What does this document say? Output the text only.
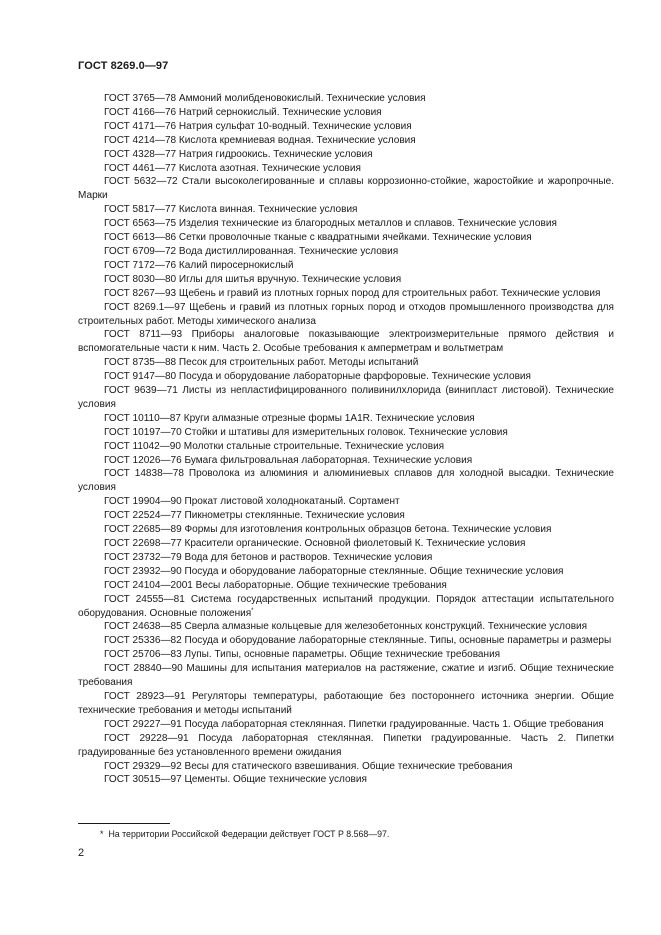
ГОСТ 8269.0—97
ГОСТ 3765—78 Аммоний молибденовокислый. Технические условия
ГОСТ 4166—76 Натрий сернокислый. Технические условия
ГОСТ 4171—76 Натрия сульфат 10-водный. Технические условия
ГОСТ 4214—78 Кислота кремниевая водная. Технические условия
ГОСТ 4328—77 Натрия гидроокись. Технические условия
ГОСТ 4461—77 Кислота азотная. Технические условия
ГОСТ 5632—72 Стали высоколегированные и сплавы коррозионно-стойкие, жаростойкие и жаропрочные. Марки
ГОСТ 5817—77 Кислота винная. Технические условия
ГОСТ 6563—75 Изделия технические из благородных металлов и сплавов. Технические условия
ГОСТ 6613—86 Сетки проволочные тканые с квадратными ячейками. Технические условия
ГОСТ 6709—72 Вода дистиллированная. Технические условия
ГОСТ 7172—76 Калий пиросернокислый
ГОСТ 8030—80 Иглы для шитья вручную. Технические условия
ГОСТ 8267—93 Щебень и гравий из плотных горных пород для строительных работ. Технические условия
ГОСТ 8269.1—97 Щебень и гравий из плотных горных пород и отходов промышленного производства для строительных работ. Методы химического анализа
ГОСТ 8711—93 Приборы аналоговые показывающие электроизмерительные прямого действия и вспомогательные части к ним. Часть 2. Особые требования к амперметрам и вольтметрам
ГОСТ 8735—88 Песок для строительных работ. Методы испытаний
ГОСТ 9147—80 Посуда и оборудование лабораторные фарфоровые. Технические условия
ГОСТ 9639—71 Листы из непластифицированного поливинилхлорида (винипласт листовой). Технические условия
ГОСТ 10110—87 Круги алмазные отрезные формы 1A1R. Технические условия
ГОСТ 10197—70 Стойки и штативы для измерительных головок. Технические условия
ГОСТ 11042—90 Молотки стальные строительные. Технические условия
ГОСТ 12026—76 Бумага фильтровальная лабораторная. Технические условия
ГОСТ 14838—78 Проволока из алюминия и алюминиевых сплавов для холодной высадки. Технические условия
ГОСТ 19904—90 Прокат листовой холоднокатаный. Сортамент
ГОСТ 22524—77 Пикнометры стеклянные. Технические условия
ГОСТ 22685—89 Формы для изготовления контрольных образцов бетона. Технические условия
ГОСТ 22698—77 Красители органические. Основной фиолетовый К. Технические условия
ГОСТ 23732—79 Вода для бетонов и растворов. Технические условия
ГОСТ 23932—90 Посуда и оборудование лабораторные стеклянные. Общие технические условия
ГОСТ 24104—2001 Весы лабораторные. Общие технические требования
ГОСТ 24555—81 Система государственных испытаний продукции. Порядок аттестации испытательного оборудования. Основные положения*
ГОСТ 24638—85 Сверла алмазные кольцевые для железобетонных конструкций. Технические условия
ГОСТ 25336—82 Посуда и оборудование лабораторные стеклянные. Типы, основные параметры и размеры
ГОСТ 25706—83 Лупы. Типы, основные параметры. Общие технические требования
ГОСТ 28840—90 Машины для испытания материалов на растяжение, сжатие и изгиб. Общие технические требования
ГОСТ 28923—91 Регуляторы температуры, работающие без постороннего источника энергии. Общие технические требования и методы испытаний
ГОСТ 29227—91 Посуда лабораторная стеклянная. Пипетки градуированные. Часть 1. Общие требования
ГОСТ 29228—91 Посуда лабораторная стеклянная. Пипетки градуированные. Часть 2. Пипетки градуированные без установленного времени ожидания
ГОСТ 29329—92 Весы для статического взвешивания. Общие технические требования
ГОСТ 30515—97 Цементы. Общие технические условия
* На территории Российской Федерации действует ГОСТ Р 8.568—97.
2
